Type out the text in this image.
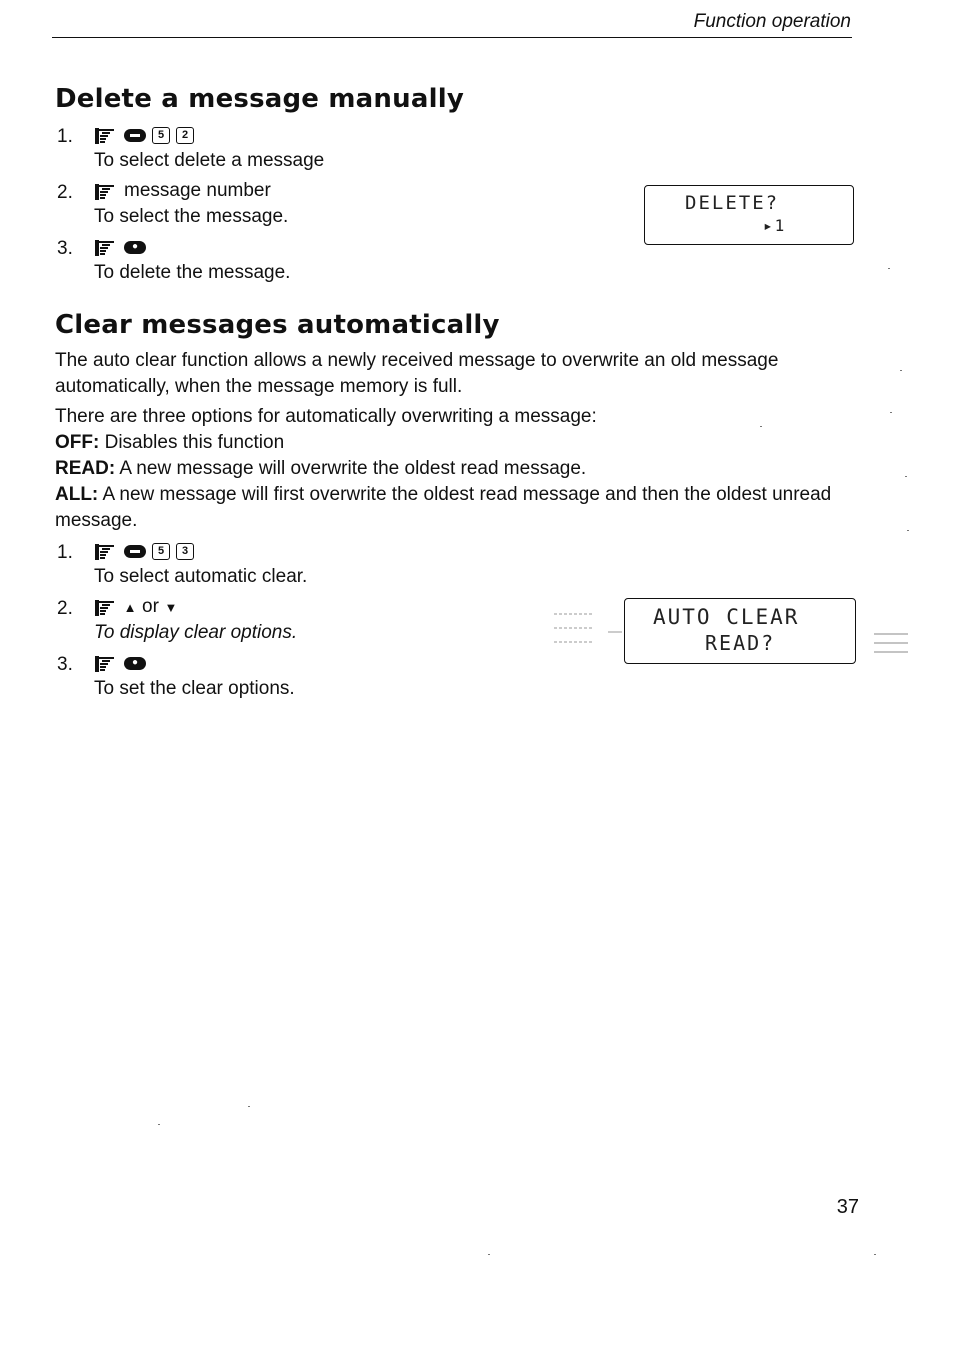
Function operation
Delete a message manually
1.	▬	5	2
To select delete a message
2.	message number
To select the message.
3.	●
To delete the message.
DELETE?
▸1
Clear messages automatically
The auto clear function allows a newly received message to overwrite an old message automatically, when the message memory is full.
There are three options for automatically overwriting a message:
OFF: Disables this function
READ: A new message will overwrite the oldest read message.
ALL: A new message will first overwrite the oldest read message and then the oldest unread message.
1.	▬	5	3
To select automatic clear.
2.	▲ or ▼
To display clear options.
3.	●
To set the clear options.
AUTO CLEAR
READ?
37
